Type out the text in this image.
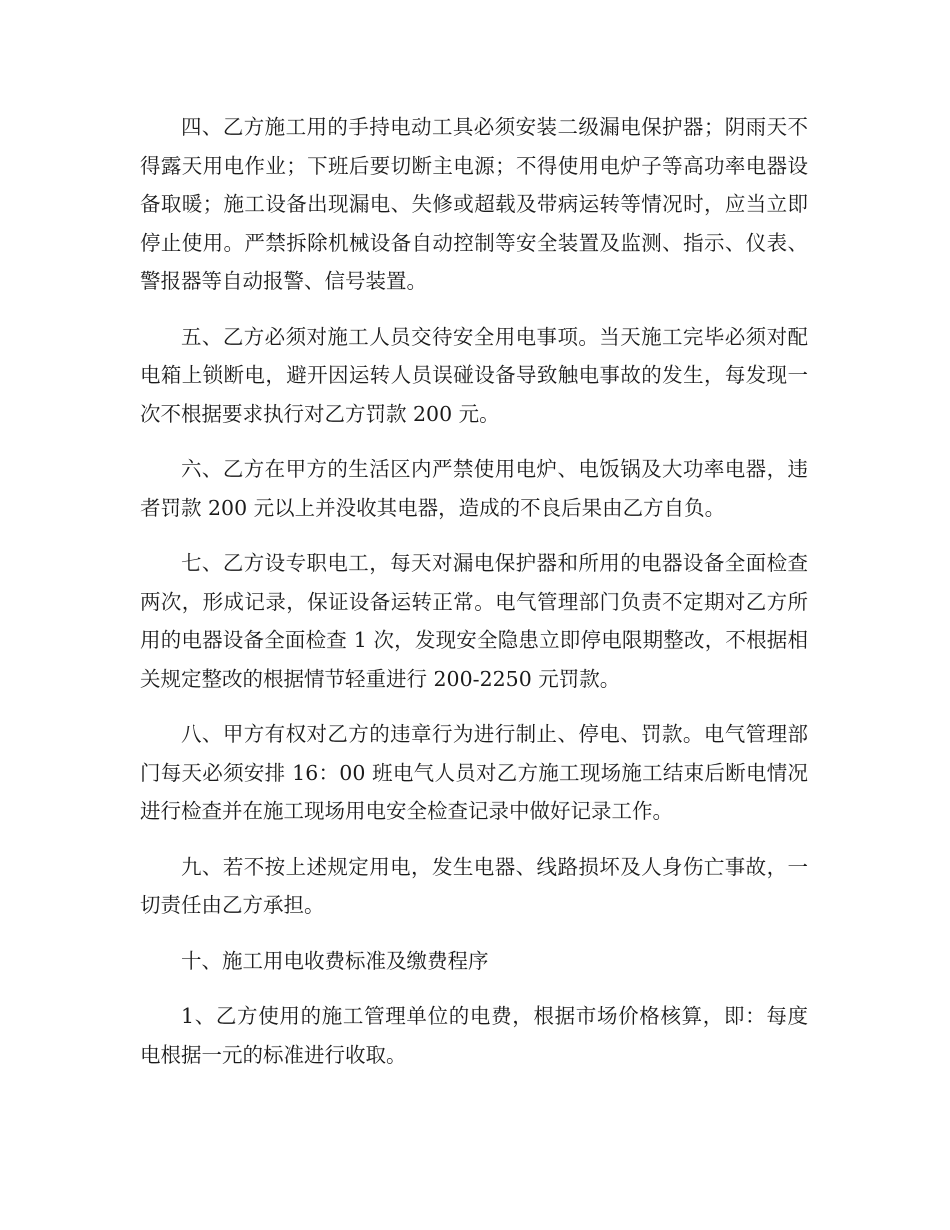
四、乙方施工用的手持电动工具必须安装二级漏电保护器；阴雨天不得露天用电作业；下班后要切断主电源；不得使用电炉子等高功率电器设备取暖；施工设备出现漏电、失修或超载及带病运转等情况时，应当立即停止使用。严禁拆除机械设备自动控制等安全装置及监测、指示、仪表、警报器等自动报警、信号装置。

五、乙方必须对施工人员交待安全用电事项。当天施工完毕必须对配电箱上锁断电，避开因运转人员误碰设备导致触电事故的发生，每发现一次不根据要求执行对乙方罚款 200 元。

六、乙方在甲方的生活区内严禁使用电炉、电饭锅及大功率电器，违者罚款 200 元以上并没收其电器，造成的不良后果由乙方自负。

七、乙方设专职电工，每天对漏电保护器和所用的电器设备全面检查两次，形成记录，保证设备运转正常。电气管理部门负责不定期对乙方所用的电器设备全面检查 1 次，发现安全隐患立即停电限期整改，不根据相关规定整改的根据情节轻重进行 200-2250 元罚款。

八、甲方有权对乙方的违章行为进行制止、停电、罚款。电气管理部门每天必须安排 16：00 班电气人员对乙方施工现场施工结束后断电情况进行检查并在施工现场用电安全检查记录中做好记录工作。

九、若不按上述规定用电，发生电器、线路损坏及人身伤亡事故，一切责任由乙方承担。

十、施工用电收费标准及缴费程序

1、乙方使用的施工管理单位的电费，根据市场价格核算，即：每度电根据一元的标准进行收取。
